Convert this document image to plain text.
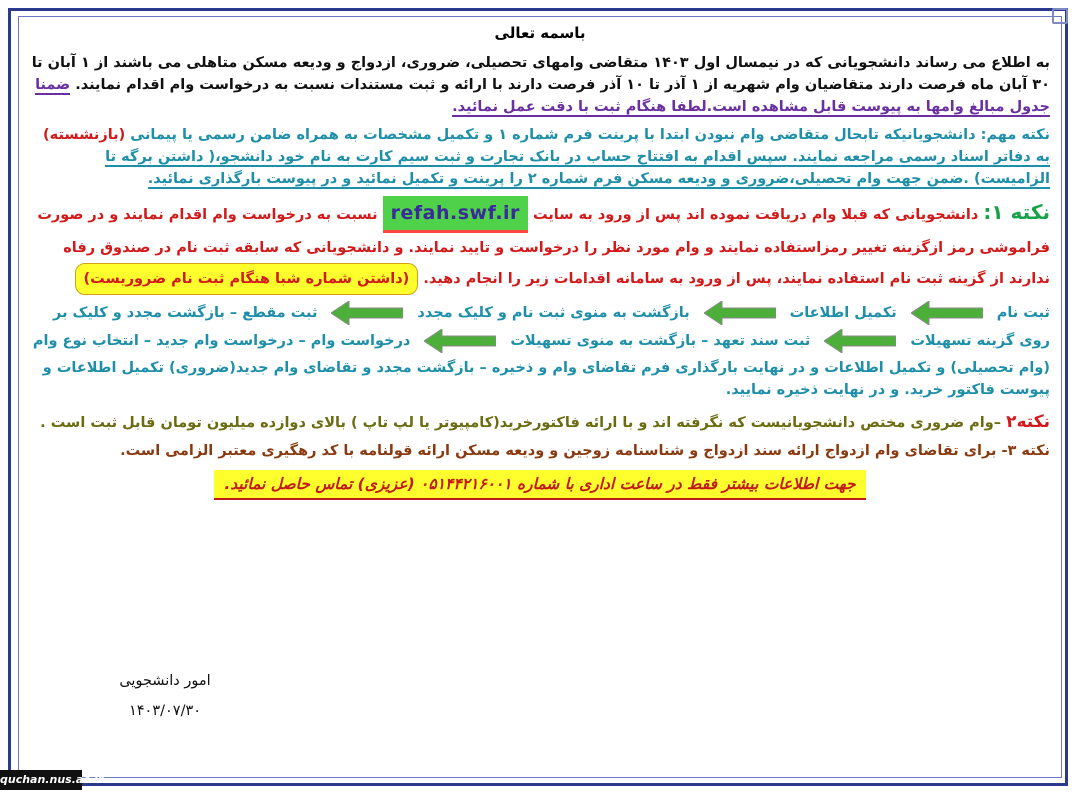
باسمه تعالی

به اطلاع می رساند دانشجویانی که در نیمسال اول ۱۴۰۳ متقاضی وامهای تحصیلی، ضروری، ازدواج و ودیعه مسکن متاهلی می باشند از ۱ آبان تا ۳۰ آبان ماه فرصت دارند متقاضیان وام شهریه از ۱ آذر تا ۱۰ آذر فرصت دارند با ارائه و ثبت مستندات نسبت به درخواست وام اقدام نمایند. ضمنا جدول مبالغ وامها به پیوست قابل مشاهده است.لطفا هنگام ثبت با دقت عمل نمائید.

نکته مهم: دانشجویانیکه تابحال متقاضی وام نبودن ابتدا با پرینت فرم شماره ۱ و تکمیل مشخصات به همراه ضامن رسمی یا پیمانی (بازنشسته) به دفاتر اسناد رسمی مراجعه نمایند. سپس اقدام به افتتاح حساب در بانک تجارت و ثبت سیم کارت به نام خود دانشجو،( داشتن برگه تا الزامیست) .ضمن جهت وام تحصیلی،ضروری و ودیعه مسکن فرم شماره ۲ را پرینت و تکمیل نمائید و در پیوست بارگذاری نمائید.

نکته ۱: دانشجویانی که قبلا وام دریافت نموده اند پس از ورود به سایت refah.swf.ir نسبت به درخواست وام اقدام نمایند و در صورت فراموشی رمز ازگزینه تغییر رمزاستفاده نمایند و وام مورد نظر را درخواست و تایید نمایند. و دانشجویانی که سابقه ثبت نام در صندوق رفاه ندارند از گزینه ثبت نام استفاده نمایند، پس از ورود به سامانه اقدامات زیر را انجام دهید. (داشتن شماره شبا هنگام ثبت نام ضروریست)

ثبت نام
تکمیل اطلاعات
بازگشت به منوی ثبت نام و کلیک مجدد
ثبت مقطع – بازگشت مجدد و کلیک بر
روی گزینه تسهیلات
ثبت سند تعهد – بازگشت به منوی تسهیلات
درخواست وام – درخواست وام جدید – انتخاب نوع وام

(وام تحصیلی) و تکمیل اطلاعات و در نهایت بارگذاری فرم تقاضای وام و ذخیره – بازگشت مجدد و تقاضای وام جدید(ضروری) تکمیل اطلاعات و پیوست فاکتور خرید. و در نهایت ذخیره نمایید.

نکته۲ –وام ضروری مختص دانشجویانیست که نگرفته اند و با ارائه فاکتورخرید(کامپیوتر یا لپ تاپ ) بالای دوازده میلیون تومان قابل ثبت است .

نکته ۳- برای تقاضای وام ازدواج ارائه سند ازدواج و شناسنامه زوجین و ودیعه مسکن ارائه قولنامه با کد رهگیری معتبر الزامی است.

جهت اطلاعات بیشتر فقط در ساعت اداری با شماره ۰۵۱۴۴۲۱۶۰۰۱ (عزیزی) تماس حاصل نمائید.
امور دانشجویی
۱۴۰۳/۰۷/۳۰
quchan.nus.ac.ir
